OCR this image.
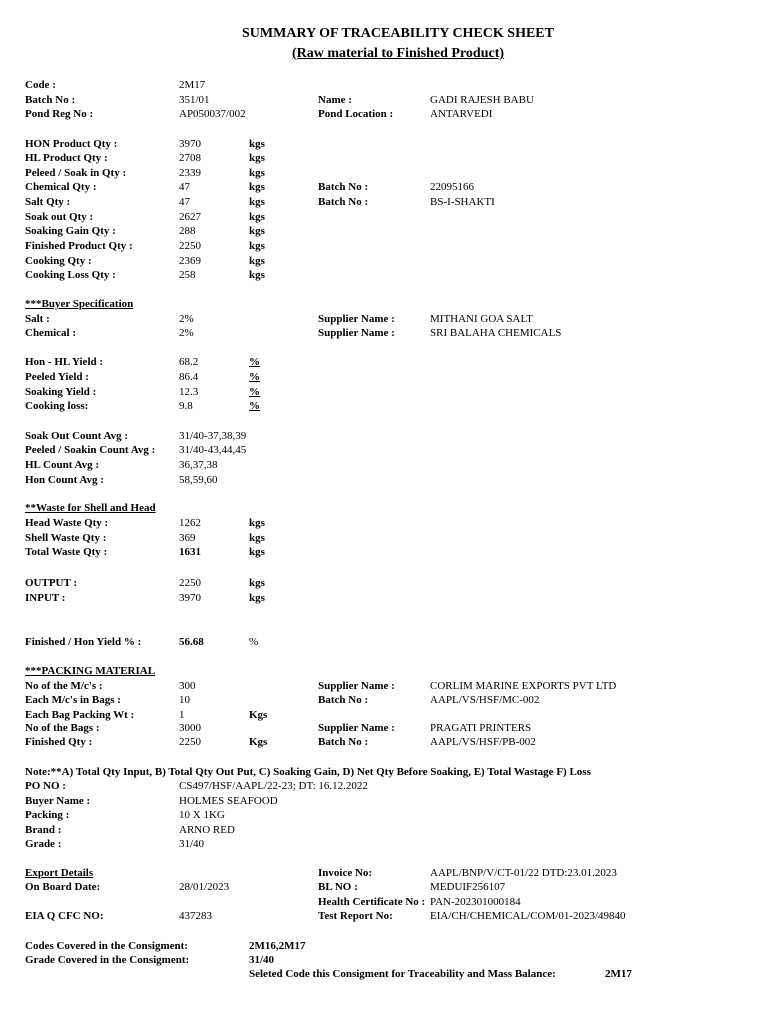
SUMMARY OF TRACEABILITY CHECK SHEET
(Raw material to Finished Product)
Code :	2M17
Batch No :	351/01	Name :	GADI RAJESH BABU
Pond Reg No :	AP050037/002	Pond Location :	ANTARVEDI
HON Product Qty :	3970	kgs
HL Product Qty :	2708	kgs
Peleed / Soak in Qty :	2339	kgs
Chemical Qty :	47	kgs	Batch No :	22095166
Salt Qty :	47	kgs	Batch No :	BS-I-SHAKTI
Soak out Qty :	2627	kgs
Soaking Gain Qty :	288	kgs
Finished Product Qty :	2250	kgs
Cooking Qty :	2369	kgs
Cooking Loss Qty :	258	kgs
***Buyer Specification
Salt :	2%	Supplier Name :	MITHANI GOA SALT
Chemical :	2%	Supplier Name :	SRI BALAHA CHEMICALS
Hon - HL Yield :	68.2	%
Peeled Yield :	86.4	%
Soaking Yield :	12.3	%
Cooking loss:	9.8	%
Soak Out Count Avg :	31/40-37,38,39
Peeled / Soakin Count Avg : 31/40-43,44,45
HL Count Avg :	36,37,38
Hon Count Avg :	58,59,60
**Waste for Shell and Head
Head Waste Qty :	1262	kgs
Shell Waste Qty :	369	kgs
Total Waste Qty :	1631	kgs
OUTPUT :	2250	kgs
INPUT :	3970	kgs
Finished / Hon Yield % :	56.68	%
***PACKING MATERIAL
No of the M/c's :	300	Supplier Name :	CORLIM MARINE EXPORTS PVT LTD
Each M/c's in Bags :	10	Batch No :	AAPL/VS/HSF/MC-002
Each Bag Packing Wt :	1	Kgs
No of the Bags :	3000	Supplier Name :	PRAGATI PRINTERS
Finished Qty :	2250	Kgs	Batch No :	AAPL/VS/HSF/PB-002
Note:**A) Total Qty Input, B) Total Qty Out Put, C) Soaking Gain, D) Net Qty Before Soaking, E) Total Wastage F) Loss
PO NO :	CS497/HSF/AAPL/22-23; DT: 16.12.2022
Buyer Name :	HOLMES SEAFOOD
Packing :	10 X 1KG
Brand :	ARNO RED
Grade :	31/40
Export Details	Invoice No:	AAPL/BNP/V/CT-01/22 DTD:23.01.2023
On Board Date:	28/01/2023	BL NO :	MEDUIF256107
Health Certificate No : PAN-202301000184
EIA Q CFC NO:	437283	Test Report No:	EIA/CH/CHEMICAL/COM/01-2023/49840
Codes Covered in the Consigment:	2M16,2M17
Grade Covered in the Consigment:	31/40
Seleted Code this Consigment for Traceability and Mass Balance:	2M17
